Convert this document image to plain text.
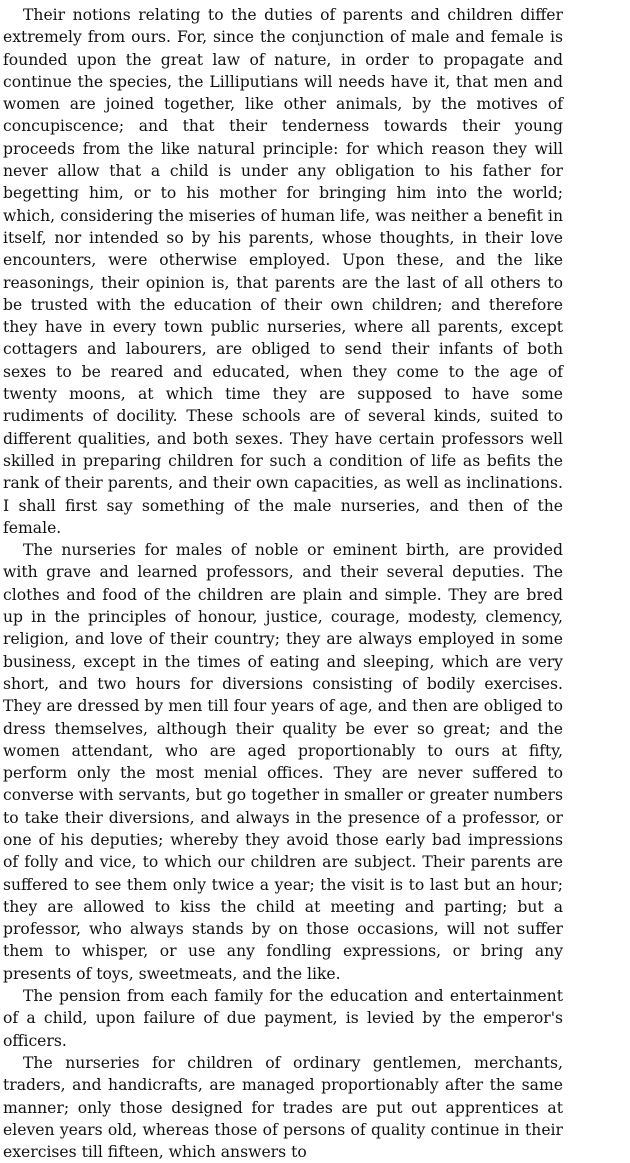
Their notions relating to the duties of parents and children differ extremely from ours. For, since the conjunction of male and female is founded upon the great law of nature, in order to propagate and continue the species, the Lilliputians will needs have it, that men and women are joined together, like other animals, by the motives of concupiscence; and that their tenderness towards their young proceeds from the like natural principle: for which reason they will never allow that a child is under any obligation to his father for begetting him, or to his mother for bringing him into the world; which, considering the miseries of human life, was neither a benefit in itself, nor intended so by his parents, whose thoughts, in their love encounters, were otherwise employed. Upon these, and the like reasonings, their opinion is, that parents are the last of all others to be trusted with the education of their own children; and therefore they have in every town public nurseries, where all parents, except cottagers and labourers, are obliged to send their infants of both sexes to be reared and educated, when they come to the age of twenty moons, at which time they are supposed to have some rudiments of docility. These schools are of several kinds, suited to different qualities, and both sexes. They have certain professors well skilled in preparing children for such a condition of life as befits the rank of their parents, and their own capacities, as well as inclinations. I shall first say something of the male nurseries, and then of the female.

The nurseries for males of noble or eminent birth, are provided with grave and learned professors, and their several deputies. The clothes and food of the children are plain and simple. They are bred up in the principles of honour, justice, courage, modesty, clemency, religion, and love of their country; they are always employed in some business, except in the times of eating and sleeping, which are very short, and two hours for diversions consisting of bodily exercises. They are dressed by men till four years of age, and then are obliged to dress themselves, although their quality be ever so great; and the women attendant, who are aged proportionably to ours at fifty, perform only the most menial offices. They are never suffered to converse with servants, but go together in smaller or greater numbers to take their diversions, and always in the presence of a professor, or one of his deputies; whereby they avoid those early bad impressions of folly and vice, to which our children are subject. Their parents are suffered to see them only twice a year; the visit is to last but an hour; they are allowed to kiss the child at meeting and parting; but a professor, who always stands by on those occasions, will not suffer them to whisper, or use any fondling expressions, or bring any presents of toys, sweetmeats, and the like.

The pension from each family for the education and entertainment of a child, upon failure of due payment, is levied by the emperor's officers.

The nurseries for children of ordinary gentlemen, merchants, traders, and handicrafts, are managed proportionably after the same manner; only those designed for trades are put out apprentices at eleven years old, whereas those of persons of quality continue in their exercises till fifteen, which answers to
